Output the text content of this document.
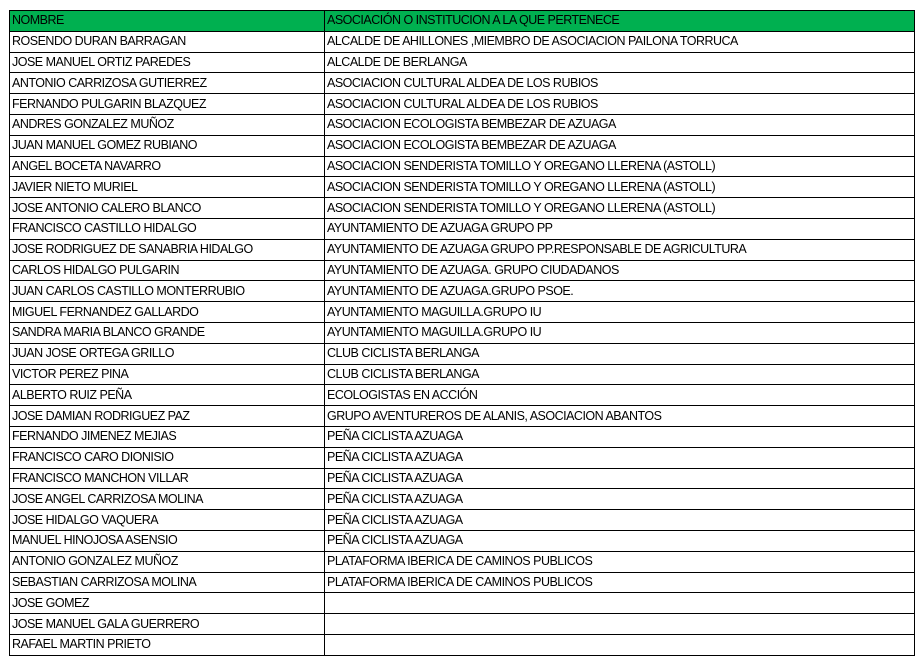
NOMBRE	ASOCIACIÓN O INSTITUCION A LA QUE PERTENECE
ROSENDO DURAN BARRAGAN	ALCALDE DE AHILLONES ,MIEMBRO DE ASOCIACION PAILONA TORRUCA
JOSE MANUEL ORTIZ PAREDES	ALCALDE DE BERLANGA
ANTONIO CARRIZOSA GUTIERREZ	ASOCIACION CULTURAL ALDEA DE LOS RUBIOS
FERNANDO PULGARIN BLAZQUEZ	ASOCIACION CULTURAL ALDEA DE LOS RUBIOS
ANDRES GONZALEZ MUÑOZ	ASOCIACION ECOLOGISTA BEMBEZAR DE AZUAGA
JUAN MANUEL GOMEZ RUBIANO	ASOCIACION ECOLOGISTA BEMBEZAR DE AZUAGA
ANGEL BOCETA NAVARRO	ASOCIACION SENDERISTA TOMILLO Y OREGANO LLERENA (ASTOLL)
JAVIER NIETO MURIEL	ASOCIACION SENDERISTA TOMILLO Y OREGANO LLERENA (ASTOLL)
JOSE ANTONIO CALERO BLANCO	ASOCIACION SENDERISTA TOMILLO Y OREGANO LLERENA (ASTOLL)
FRANCISCO CASTILLO HIDALGO	AYUNTAMIENTO DE AZUAGA GRUPO PP
JOSE RODRIGUEZ DE SANABRIA HIDALGO	AYUNTAMIENTO DE AZUAGA GRUPO PP.RESPONSABLE DE AGRICULTURA
CARLOS HIDALGO PULGARIN	AYUNTAMIENTO DE AZUAGA. GRUPO CIUDADANOS
JUAN CARLOS CASTILLO MONTERRUBIO	AYUNTAMIENTO DE AZUAGA.GRUPO PSOE.
MIGUEL FERNANDEZ GALLARDO	AYUNTAMIENTO MAGUILLA.GRUPO IU
SANDRA MARIA BLANCO GRANDE	AYUNTAMIENTO MAGUILLA.GRUPO IU
JUAN JOSE ORTEGA GRILLO	CLUB CICLISTA BERLANGA
VICTOR PEREZ PINA	CLUB CICLISTA BERLANGA
ALBERTO RUIZ PEÑA	ECOLOGISTAS EN ACCIÓN
JOSE DAMIAN RODRIGUEZ PAZ	GRUPO AVENTUREROS DE ALANIS, ASOCIACION ABANTOS
FERNANDO JIMENEZ MEJIAS	PEÑA CICLISTA AZUAGA
FRANCISCO CARO DIONISIO	PEÑA CICLISTA AZUAGA
FRANCISCO MANCHON VILLAR	PEÑA CICLISTA AZUAGA
JOSE ANGEL CARRIZOSA MOLINA	PEÑA CICLISTA AZUAGA
JOSE HIDALGO VAQUERA	PEÑA CICLISTA AZUAGA
MANUEL HINOJOSA ASENSIO	PEÑA CICLISTA AZUAGA
ANTONIO GONZALEZ MUÑOZ	PLATAFORMA IBERICA DE CAMINOS PUBLICOS
SEBASTIAN CARRIZOSA MOLINA	PLATAFORMA IBERICA DE CAMINOS PUBLICOS
JOSE GOMEZ	
JOSE MANUEL GALA GUERRERO	
RAFAEL MARTIN PRIETO	
